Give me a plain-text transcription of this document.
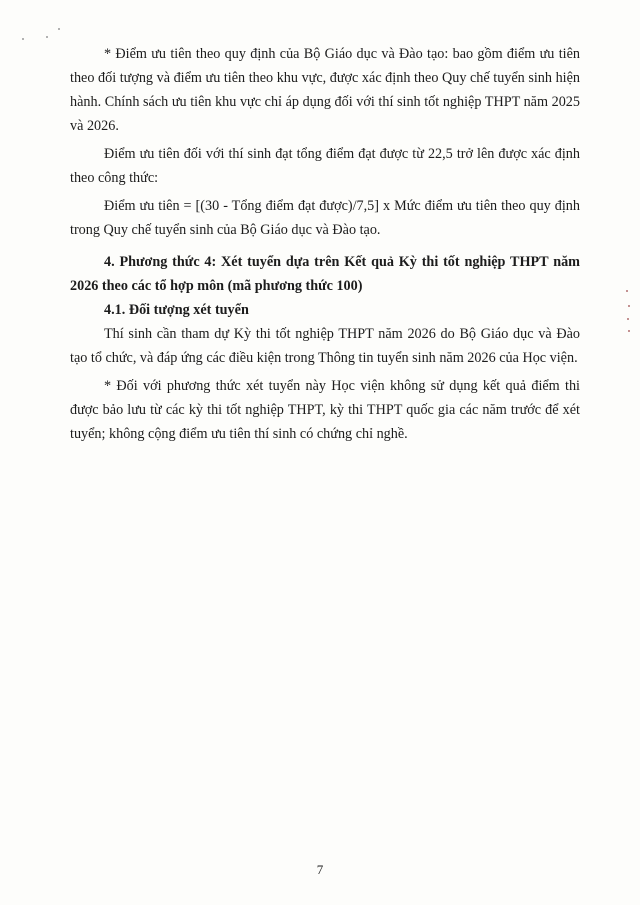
* Điểm ưu tiên theo quy định của Bộ Giáo dục và Đào tạo: bao gồm điểm ưu tiên theo đối tượng và điểm ưu tiên theo khu vực, được xác định theo Quy chế tuyển sinh hiện hành. Chính sách ưu tiên khu vực chỉ áp dụng đối với thí sinh tốt nghiệp THPT năm 2025 và 2026.

Điểm ưu tiên đối với thí sinh đạt tổng điểm đạt được từ 22,5 trở lên được xác định theo công thức:

Điểm ưu tiên = [(30 - Tổng điểm đạt được)/7,5] x Mức điểm ưu tiên theo quy định trong Quy chế tuyển sinh của Bộ Giáo dục và Đào tạo.

4. Phương thức 4: Xét tuyển dựa trên Kết quả Kỳ thi tốt nghiệp THPT năm 2026 theo các tổ hợp môn (mã phương thức 100)

4.1. Đối tượng xét tuyển

Thí sinh cần tham dự Kỳ thi tốt nghiệp THPT năm 2026 do Bộ Giáo dục và Đào tạo tổ chức, và đáp ứng các điều kiện trong Thông tin tuyển sinh năm 2026 của Học viện.

* Đối với phương thức xét tuyển này Học viện không sử dụng kết quả điểm thi được bảo lưu từ các kỳ thi tốt nghiệp THPT, kỳ thi THPT quốc gia các năm trước để xét tuyển; không cộng điểm ưu tiên thí sinh có chứng chỉ nghề.

7
